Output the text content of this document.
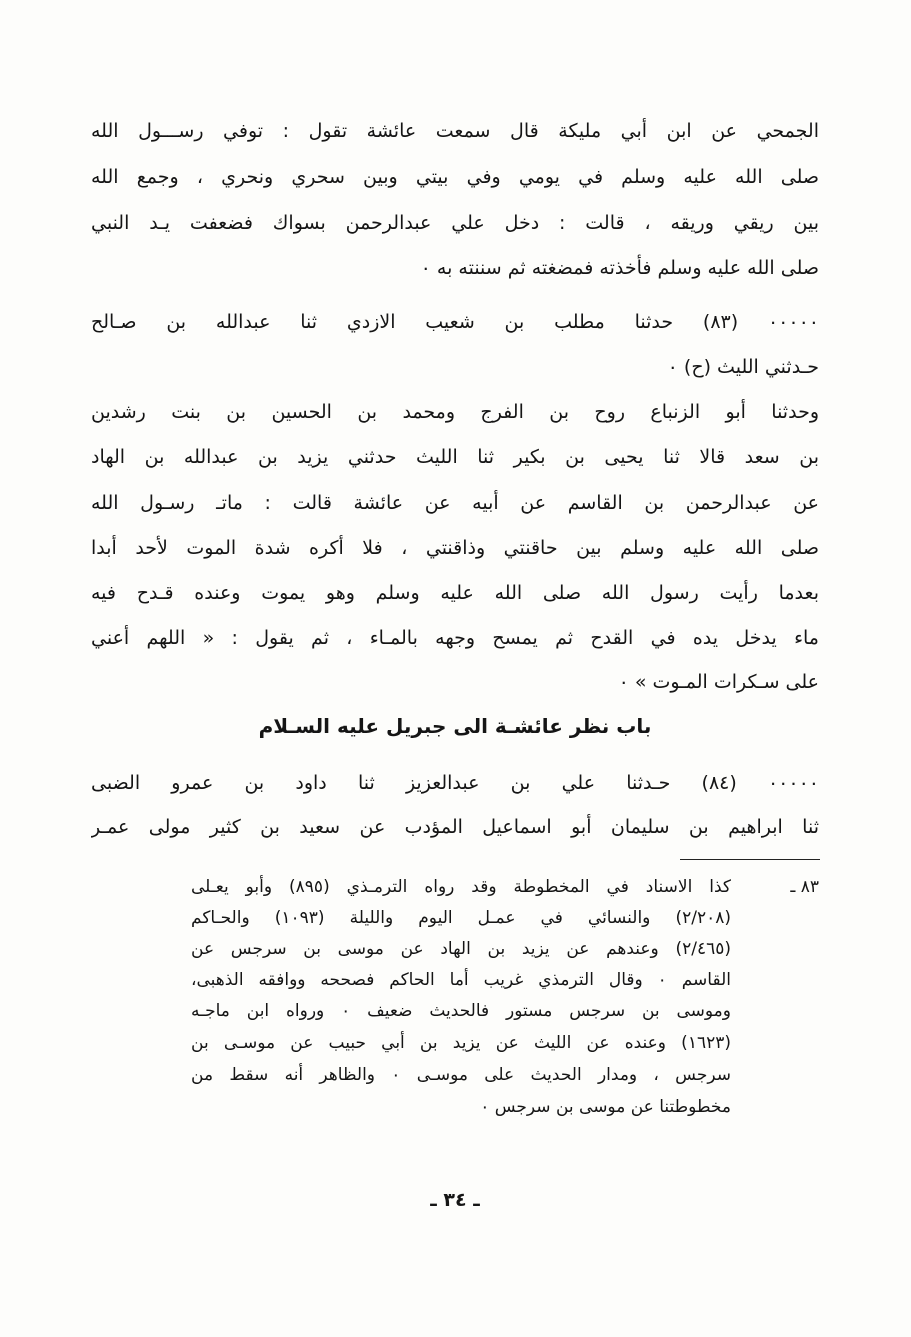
الجمحي عن ابن أبي مليكة قال سمعت عائشة تقول : توفي رســـول الله
صلى الله عليه وسلم في يومي وفي بيتي وبين سحري ونحري ، وجمع الله
بين ريقي وريقه ، قالت : دخل علي عبدالرحمن بسواك فضعفت يـد النبي
صلى الله عليه وسلم فأخذته فمضغته ثم سننته به ٠
٠٠٠٠٠ (٨٣) حدثنا مطلب بن شعيب الازدي ثنا عبدالله بن صـالح
حـدثني الليث (ح) ٠
وحدثنا أبو الزنباع روح بن الفرج ومحمد بن الحسين بن بنت رشدين
بن سعد قالا ثنا يحيى بن بكير ثنا الليث حدثني يزيد بن عبدالله بن الهاد
عن عبدالرحمن بن القاسم عن أبيه عن عائشة قالت : ماتـ رسـول الله
صلى الله عليه وسلم بين حاقنتي وذاقنتي ، فلا أكره شدة الموت لأحد أبدا
بعدما رأيت رسول الله صلى الله عليه وسلم وهو يموت وعنده قـدح فيه
ماء يدخل يده في القدح ثم يمسح وجهه بالمـاء ، ثم يقول : « اللهم أعني
على سـكرات المـوت » ٠
باب نظر عائشـة الى جبريل عليه السـلام
٠٠٠٠٠ (٨٤) حـدثنا علي بن عبدالعزيز ثنا داود بن عمرو الضبى
ثنا ابراهيم بن سليمان أبو اسماعيل المؤدب عن سعيد بن كثير مولى عمـر
٨٣ ـ
كذا الاسناد في المخطوطة وقد رواه الترمـذي (٨٩٥) وأبو يعـلى
(٢/٢٠٨) والنسائي في عمـل اليوم والليلة (١٠٩٣) والحـاكم
(٢/٤٦٥) وعندهم عن يزيد بن الهاد عن موسى بن سرجس عن
القاسم ٠ وقال الترمذي غريب أما الحاكم فصححه ووافقه الذهبى،
وموسى بن سرجس مستور فالحديث ضعيف ٠ ورواه ابن ماجـه
(١٦٢٣) وعنده عن الليث عن يزيد بن أبي حبيب عن موسـى بن
سرجس ، ومدار الحديث على موسـى ٠ والظاهر أنه سقط من
مخطوطتنا عن موسى بن سرجس ٠
ـ ٣٤ ـ
